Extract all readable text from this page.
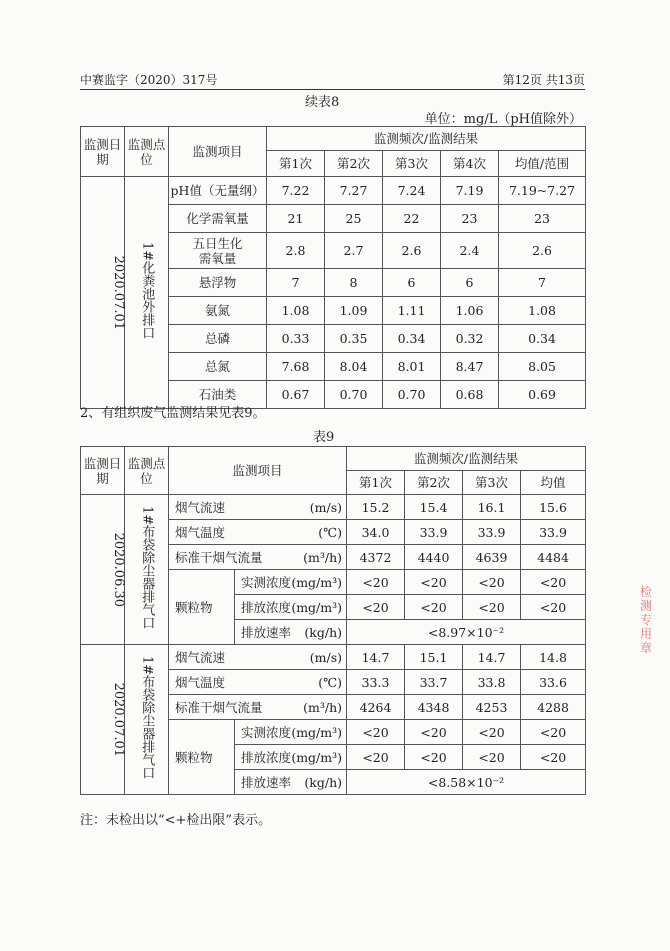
中赛监字（2020）317号	第12页 共13页
续表8
单位：mg/L（pH值除外）
监测日期	监测点位	监测项目	监测频次/监测结果				
			第1次	第2次	第3次	第4次	均值/范围
2020.07.01	1#化粪池外排口	pH值（无量纲）	7.22	7.27	7.24	7.19	7.19~7.27
		化学需氧量	21	25	22	23	23
		五日生化需氧量	2.8	2.7	2.6	2.4	2.6
		悬浮物	7	8	6	6	7
		氨氮	1.08	1.09	1.11	1.06	1.08
		总磷	0.33	0.35	0.34	0.32	0.34
		总氮	7.68	8.04	8.01	8.47	8.05
		石油类	0.67	0.70	0.70	0.68	0.69
2、有组织废气监测结果见表9。
表9
监测日期	监测点位	监测项目		监测频次/监测结果			
				第1次	第2次	第3次	均值
2020.06.30	1#布袋除尘器排气口	烟气流速 (m/s)		15.2	15.4	16.1	15.6

		烟气温度 (℃)		34.0	33.9	33.9	33.9

		标准干烟气流量 (m³/h)		4372	4440	4639	4484
		颗粒物	实测浓度 (mg/m³)	<20	<20	<20	<20

			排放浓度 (mg/m³)	<20	<20	<20	<20

			排放速率 (kg/h)	<8.97×10⁻²			
2020.07.01	1#布袋除尘器排气口	烟气流速 (m/s)		14.7	15.1	14.7	14.8

		烟气温度 (℃)		33.3	33.7	33.8	33.6

		标准干烟气流量 (m³/h)		4264	4348	4253	4288
		颗粒物	实测浓度 (mg/m³)	<20	<20	<20	<20

			排放浓度 (mg/m³)	<20	<20	<20	<20

			排放速率 (kg/h)	<8.58×10⁻²			
注：未检出以“<+检出限”表示。
检
测
专
用
章
